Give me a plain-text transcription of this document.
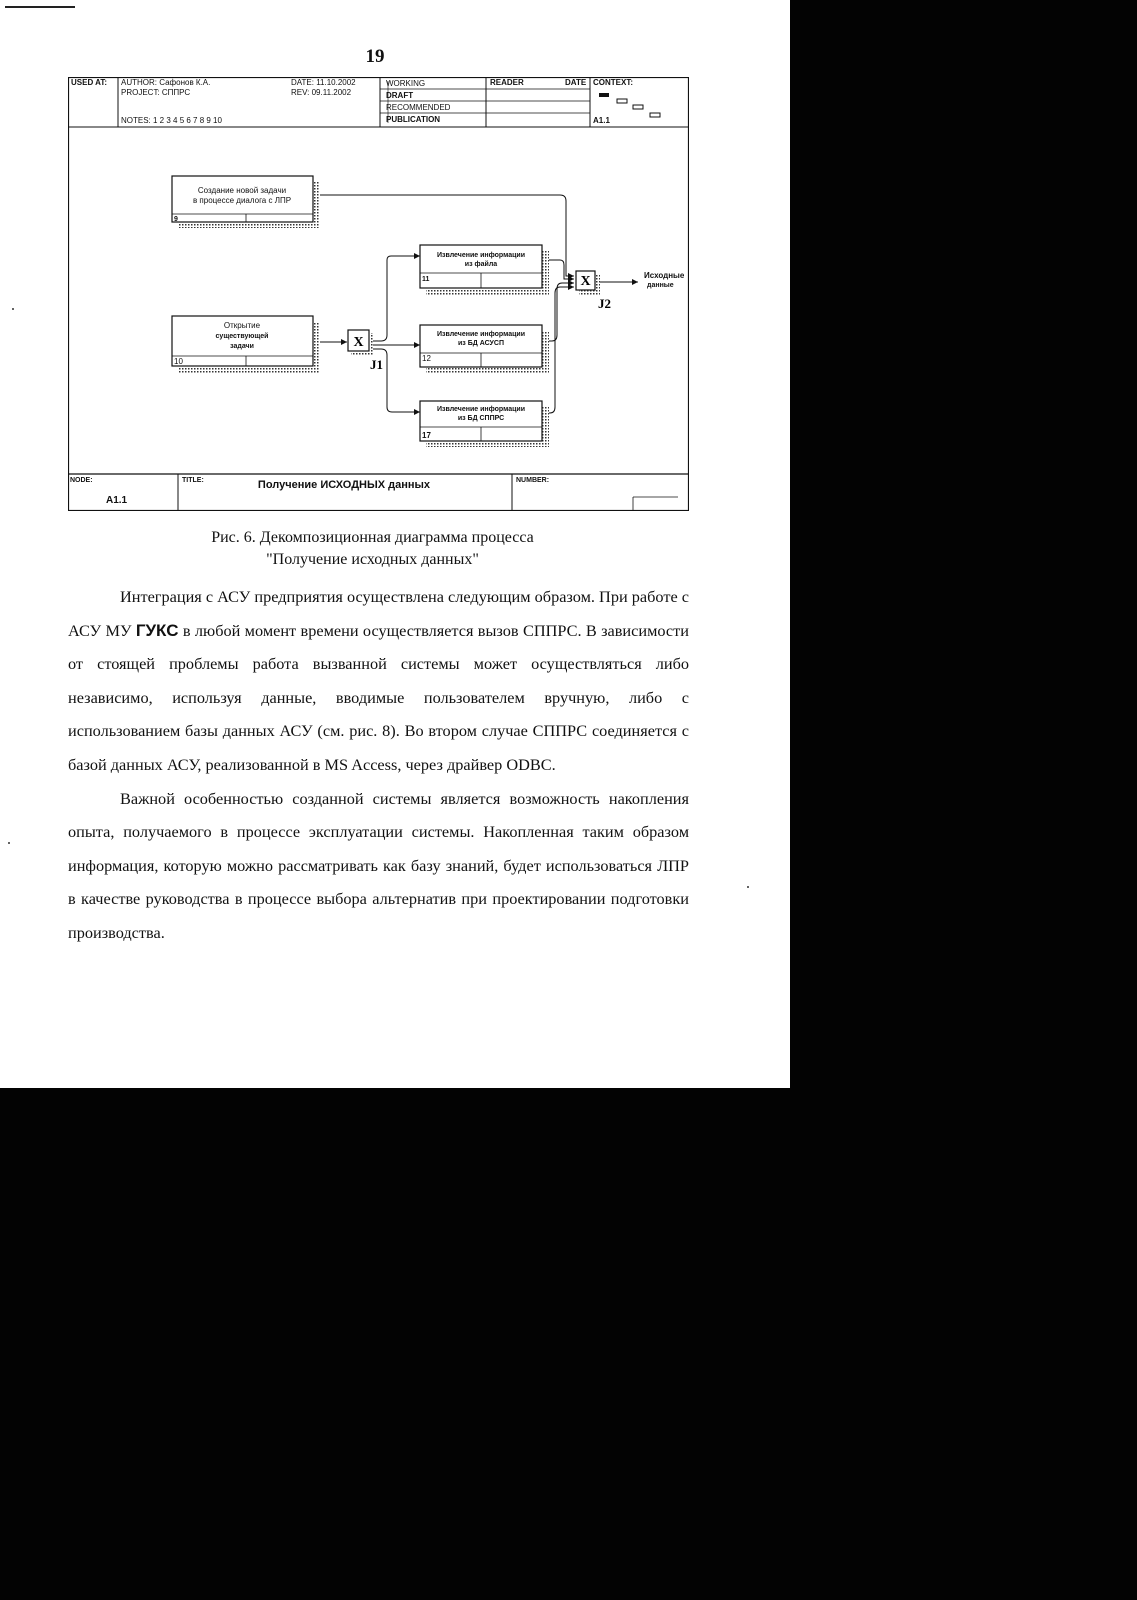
19
USED AT: AUTHOR: Сафонов К.А.
PROJECT: СППРС
DATE: 11.10.2002
REV: 09.11.2002
NOTES: 1 2 3 4 5 6 7 8 9 10
WORKING
DRAFT
RECOMMENDED
PUBLICATION
READER	DATE CONTEXT:
A1.1
Создание новой задачи
в процессе диалога с ЛПР
9
Открытие
существующей
задачи
10
Извлечение информации
из файла
11
Извлечение информации
из БД АСУСП
12
Извлечение информации
из БД СППРС
17
X
J1
X
J2
Исходные
данные
NODE:
A1.1
TITLE:	Получение ИСХОДНЫХ данных	NUMBER:
Рис. 6. Декомпозиционная диаграмма процесса
"Получение исходных данных"

Интеграция с АСУ предприятия осуществлена следующим образом. При работе с АСУ МУ ГУКС в любой момент времени осуществляется вызов СППРС. В зависимости от стоящей проблемы работа вызванной системы может осуществляться либо независимо, используя данные, вводимые пользователем вручную, либо с использованием базы данных АСУ (см. рис. 8). Во втором случае СППРС соединяется с базой данных АСУ, реализованной в MS Access, через драйвер ODBC.

Важной особенностью созданной системы является возможность накопления опыта, получаемого в процессе эксплуатации системы. Накопленная таким образом информация, которую можно рассматривать как базу знаний, будет использоваться ЛПР в качестве руководства в процессе выбора альтернатив при проектировании подготовки производства.
